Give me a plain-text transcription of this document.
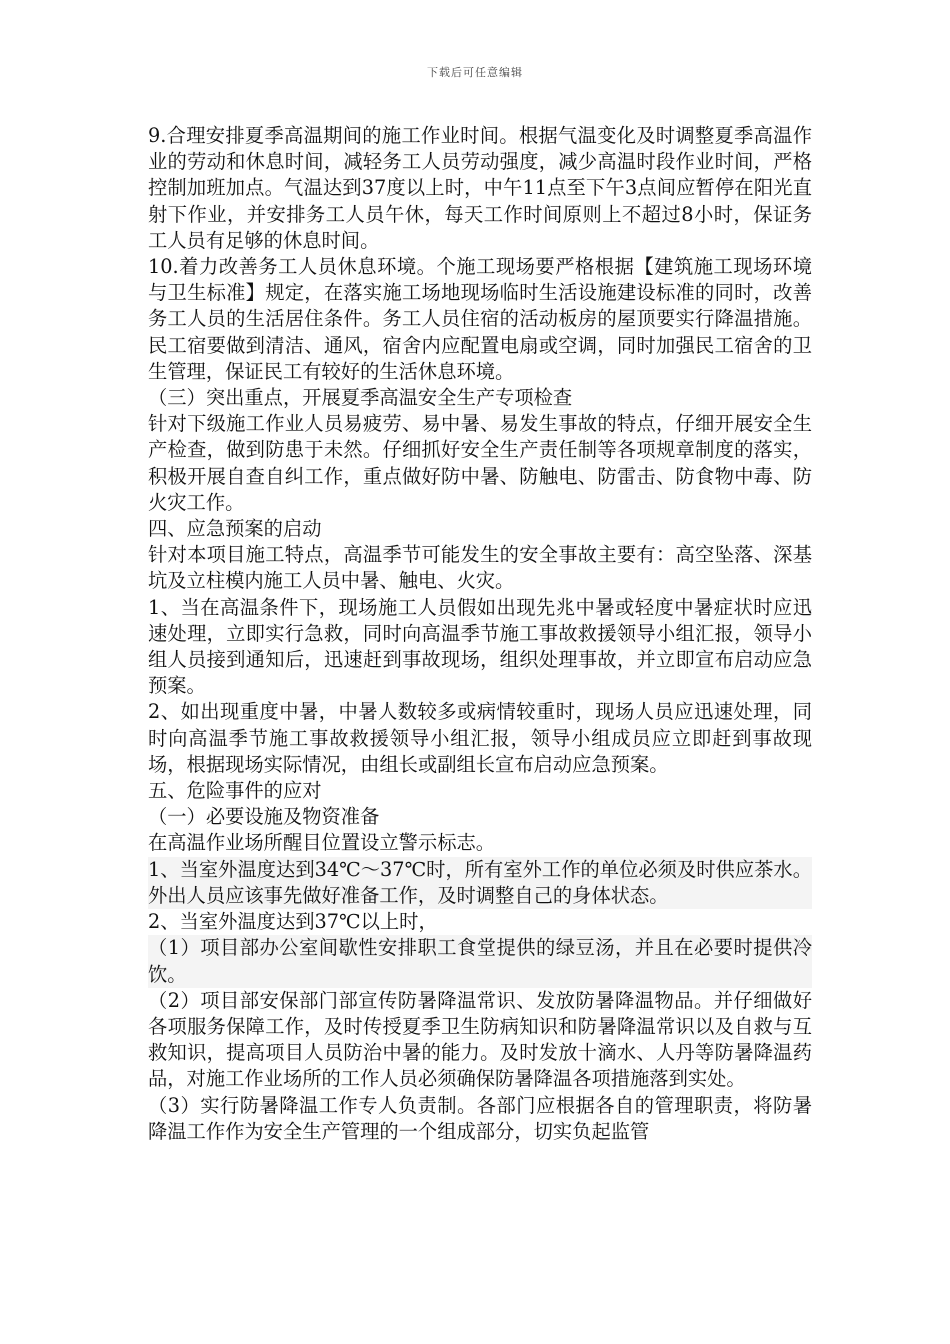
下载后可任意编辑

9.合理安排夏季高温期间的施工作业时间。根据气温变化及时调整夏季高温作业的劳动和休息时间，减轻务工人员劳动强度，减少高温时段作业时间，严格控制加班加点。气温达到37度以上时，中午11点至下午3点间应暂停在阳光直射下作业，并安排务工人员午休，每天工作时间原则上不超过8小时，保证务工人员有足够的休息时间。

10.着力改善务工人员休息环境。个施工现场要严格根据【建筑施工现场环境与卫生标准】规定，在落实施工场地现场临时生活设施建设标准的同时，改善务工人员的生活居住条件。务工人员住宿的活动板房的屋顶要实行降温措施。民工宿要做到清洁、通风，宿舍内应配置电扇或空调，同时加强民工宿舍的卫生管理，保证民工有较好的生活休息环境。

（三）突出重点，开展夏季高温安全生产专项检查

针对下级施工作业人员易疲劳、易中暑、易发生事故的特点，仔细开展安全生产检查，做到防患于未然。仔细抓好安全生产责任制等各项规章制度的落实，积极开展自查自纠工作，重点做好防中暑、防触电、防雷击、防食物中毒、防火灾工作。

四、应急预案的启动

针对本项目施工特点，高温季节可能发生的安全事故主要有：高空坠落、深基坑及立柱模内施工人员中暑、触电、火灾。

1、当在高温条件下，现场施工人员假如出现先兆中暑或轻度中暑症状时应迅速处理，立即实行急救，同时向高温季节施工事故救援领导小组汇报，领导小组人员接到通知后，迅速赶到事故现场，组织处理事故，并立即宣布启动应急预案。

2、如出现重度中暑，中暑人数较多或病情较重时，现场人员应迅速处理，同时向高温季节施工事故救援领导小组汇报，领导小组成员应立即赶到事故现场，根据现场实际情况，由组长或副组长宣布启动应急预案。

五、危险事件的应对

（一）必要设施及物资准备

在高温作业场所醒目位置设立警示标志。

1、当室外温度达到34℃～37℃时，所有室外工作的单位必须及时供应茶水。外出人员应该事先做好准备工作，及时调整自己的身体状态。

2、当室外温度达到37℃以上时，

（1）项目部办公室间歇性安排职工食堂提供的绿豆汤，并且在必要时提供冷饮。

（2）项目部安保部门部宣传防暑降温常识、发放防暑降温物品。并仔细做好各项服务保障工作，及时传授夏季卫生防病知识和防暑降温常识以及自救与互救知识，提高项目人员防治中暑的能力。及时发放十滴水、人丹等防暑降温药品，对施工作业场所的工作人员必须确保防暑降温各项措施落到实处。

（3）实行防暑降温工作专人负责制。各部门应根据各自的管理职责，将防暑降温工作作为安全生产管理的一个组成部分，切实负起监管
